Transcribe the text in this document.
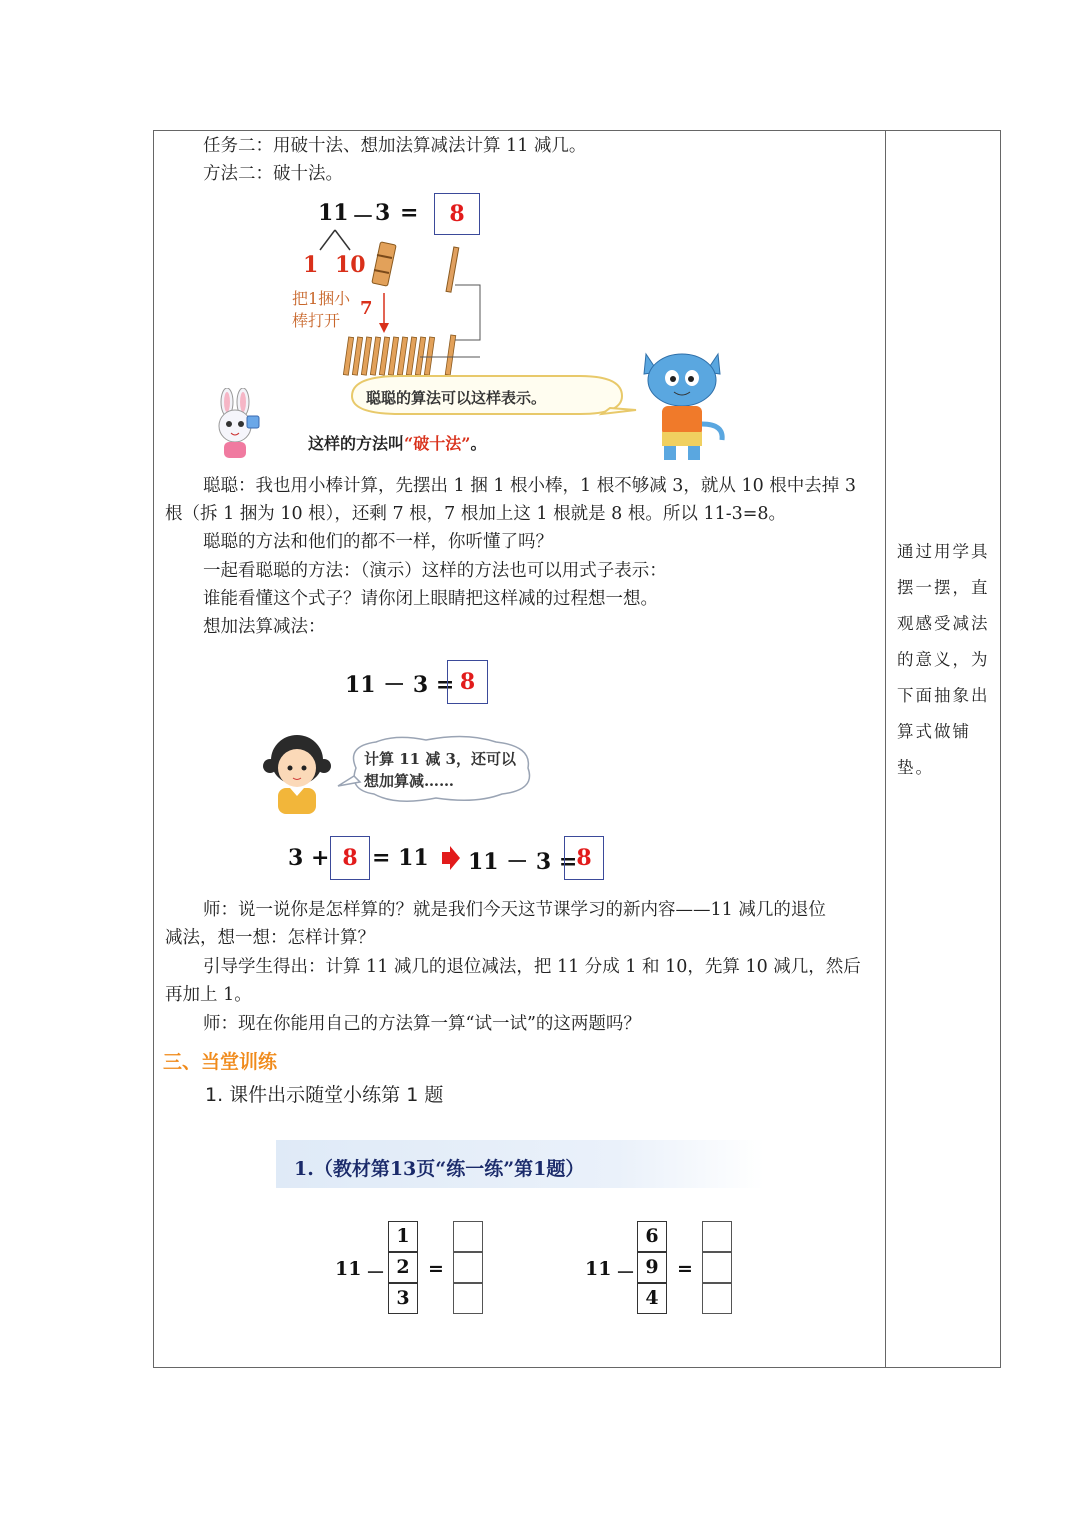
任务二：用破十法、想加法算减法计算 11 减几。
方法二：破十法。
11 － 3 =	8
1 10
把1捆小
棒打开
7
聪聪的算法可以这样表示。
这样的方法叫“破十法”。
聪聪：我也用小棒计算，先摆出 1 捆 1 根小棒，1 根不够减 3，就从 10 根中去掉 3
根（拆 1 捆为 10 根），还剩 7 根，7 根加上这 1 根就是 8 根。所以 11-3=8。
聪聪的方法和他们的都不一样，你听懂了吗？
一起看聪聪的方法：（演示）这样的方法也可以用式子表示：
谁能看懂这个式子？请你闭上眼睛把这样减的过程想一想。
想加法算减法：
11 － 3 = 8
计算 11 减 3，还可以
想加算减……
3 + 8 = 11 11 － 3 = 8
师：说一说你是怎样算的？就是我们今天这节课学习的新内容——11 减几的退位
减法，想一想：怎样计算？
引导学生得出：计算 11 减几的退位减法，把 11 分成 1 和 10，先算 10 减几，然后
再加上 1。
师：现在你能用自己的方法算一算“试一试”的这两题吗？
三、当堂训练
1. 课件出示随堂小练第 1 题
1.（教材第13页“练一练”第1题）
11 －
1
2
3
=	11 －
6
9
4
=
通过用学具
摆一摆，直
观感受减法
的意义，为
下面抽象出
算式做铺
垫。
